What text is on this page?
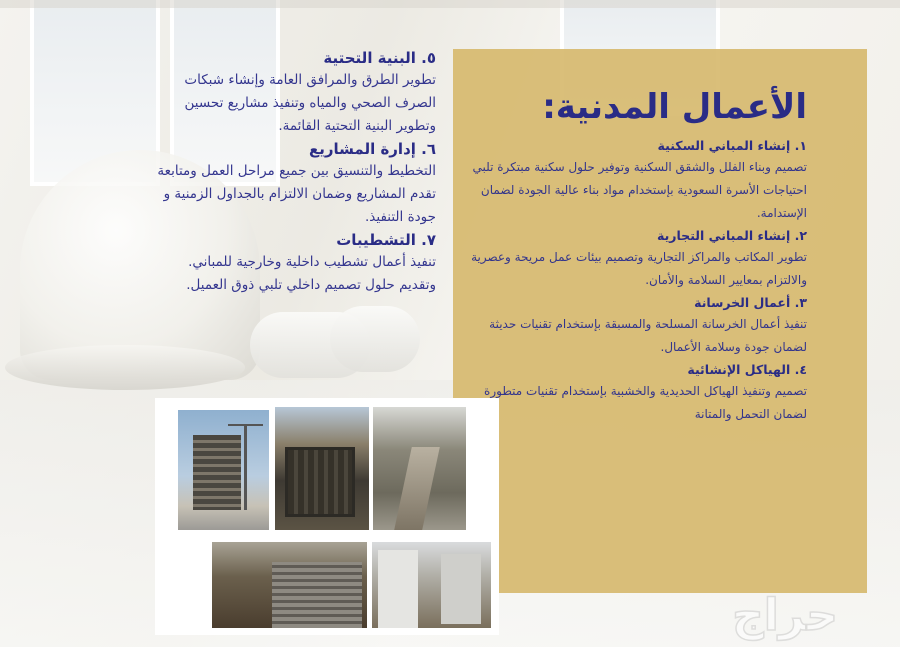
٥. البنية التحتية
تطوير الطرق والمرافق العامة وإنشاء شبكات الصرف الصحي والمياه وتنفيذ مشاريع تحسين وتطوير البنية التحتية القائمة.
٦. إدارة المشاريع
التخطيط والتنسيق بين جميع مراحل العمل ومتابعة تقدم المشاريع وضمان الالتزام بالجداول الزمنية و جودة التنفيذ.
٧. التشطيبات
تنفيذ أعمال تشطيب داخلية وخارجية للمباني. وتقديم حلول تصميم داخلي تلبي ذوق العميل.
الأعمال المدنية:
١. إنشاء المباني السكنية
تصميم وبناء الفلل والشقق السكنية وتوفير حلول سكنية مبتكرة تلبي احتياجات الأسرة السعودية بإستخدام مواد بناء عالية الجودة لضمان الإستدامة.
٢. إنشاء المباني التجارية
تطوير المكاتب والمراكز التجارية وتصميم بيئات عمل مريحة وعصرية والالتزام بمعايير السلامة والأمان.
٣. أعمال الخرسانة
تنفيذ أعمال الخرسانة المسلحة والمسبقة بإستخدام تقنيات حديثة لضمان جودة وسلامة الأعمال.
٤. الهياكل الإنشائية
تصميم وتنفيذ الهياكل الحديدية والخشبية بإستخدام تقنيات متطورة لضمان التحمل والمتانة
حراج
